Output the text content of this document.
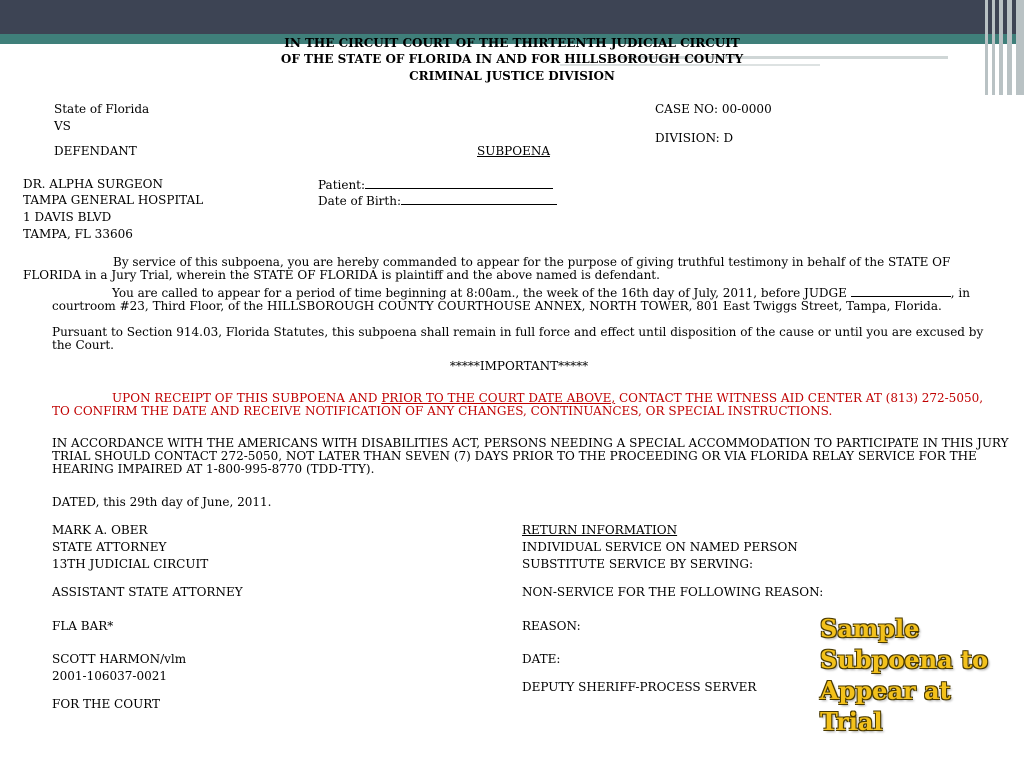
IN THE CIRCUIT COURT OF THE THIRTEENTH JUDICIAL CIRCUIT
OF THE STATE OF FLORIDA IN AND FOR HILLSBOROUGH COUNTY
CRIMINAL JUSTICE DIVISION
State of Florida
VS
DEFENDANT	SUBPOENA
CASE NO: 00-0000
DIVISION: D
DR. ALPHA SURGEON
TAMPA GENERAL HOSPITAL
1 DAVIS BLVD
TAMPA, FL 33606
Patient:
Date of Birth:
By service of this subpoena, you are hereby commanded to appear for the purpose of giving truthful testimony in behalf of the STATE OF FLORIDA in a Jury Trial, wherein the STATE OF FLORIDA is plaintiff and the above named is defendant.
You are called to appear for a period of time beginning at 8:00am., the week of the 16th day of July, 2011, before JUDGE	, in courtroom #23, Third Floor, of the HILLSBOROUGH COUNTY COURTHOUSE ANNEX, NORTH TOWER, 801 East Twiggs Street, Tampa, Florida.
Pursuant to Section 914.03, Florida Statutes, this subpoena shall remain in full force and effect until disposition of the cause or until you are excused by the Court.
*****IMPORTANT*****
UPON RECEIPT OF THIS SUBPOENA AND PRIOR TO THE COURT DATE ABOVE, CONTACT THE WITNESS AID CENTER AT (813) 272-5050, TO CONFIRM THE DATE AND RECEIVE NOTIFICATION OF ANY CHANGES, CONTINUANCES, OR SPECIAL INSTRUCTIONS.
IN ACCORDANCE WITH THE AMERICANS WITH DISABILITIES ACT, PERSONS NEEDING A SPECIAL ACCOMMODATION TO PARTICIPATE IN THIS JURY TRIAL SHOULD CONTACT 272-5050, NOT LATER THAN SEVEN (7) DAYS PRIOR TO THE PROCEEDING OR VIA FLORIDA RELAY SERVICE FOR THE HEARING IMPAIRED AT 1-800-995-8770 (TDD-TTY).
DATED, this 29th day of June, 2011.
MARK A. OBER
STATE ATTORNEY
13TH JUDICIAL CIRCUIT
ASSISTANT STATE ATTORNEY
FLA BAR*
SCOTT HARMON/vlm
2001-106037-0021
FOR THE COURT
RETURN INFORMATION
INDIVIDUAL SERVICE ON NAMED PERSON
SUBSTITUTE SERVICE BY SERVING:
NON-SERVICE FOR THE FOLLOWING REASON:
REASON:
DATE:
DEPUTY SHERIFF-PROCESS SERVER
Sample
Subpoena to
Appear at
Trial
